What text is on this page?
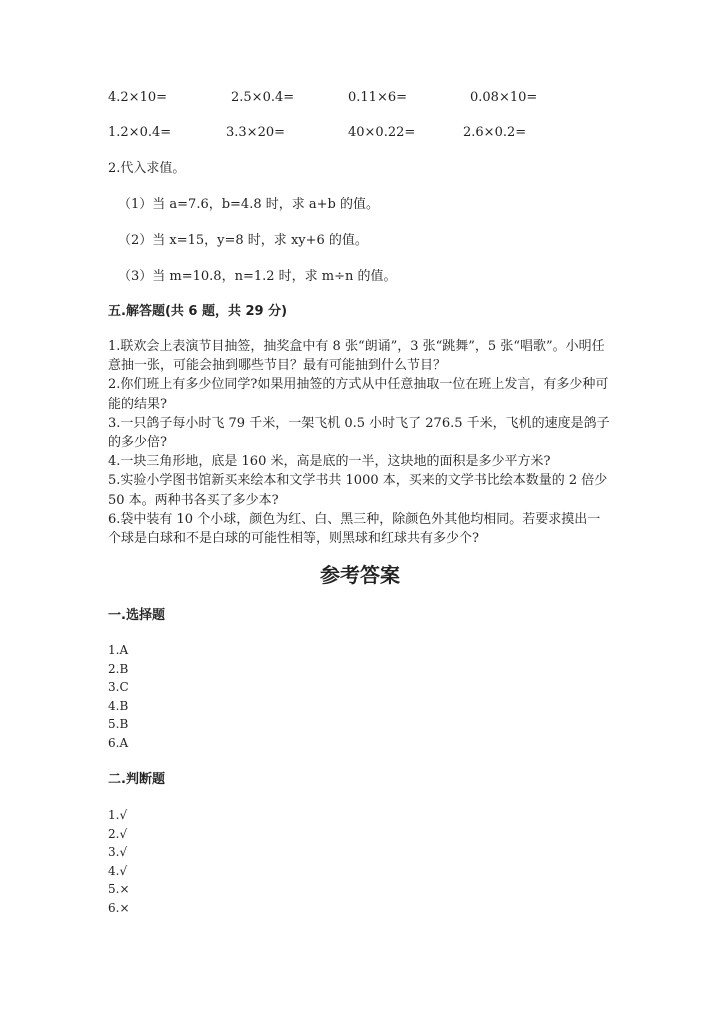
4.2×10=	2.5×0.4=	0.11×6=	0.08×10=
1.2×0.4=	3.3×20=	40×0.22=	2.6×0.2=
2.代入求值。
（1）当 a=7.6，b=4.8 时，求 a+b 的值。
（2）当 x=15，y=8 时，求 xy+6 的值。
（3）当 m=10.8，n=1.2 时，求 m÷n 的值。
五.解答题(共 6 题，共 29 分)

1.联欢会上表演节目抽签，抽奖盒中有 8 张“朗诵”，3 张“跳舞”，5 张“唱歌”。小明任意抽一张，可能会抽到哪些节目？最有可能抽到什么节目？

2.你们班上有多少位同学?如果用抽签的方式从中任意抽取一位在班上发言，有多少种可能的结果?

3.一只鸽子每小时飞 79 千米，一架飞机 0.5 小时飞了 276.5 千米，飞机的速度是鸽子的多少倍?

4.一块三角形地，底是 160 米，高是底的一半，这块地的面积是多少平方米?

5.实验小学图书馆新买来绘本和文学书共 1000 本，买来的文学书比绘本数量的 2 倍少 50 本。两种书各买了多少本?

6.袋中装有 10 个小球，颜色为红、白、黑三种，除颜色外其他均相同。若要求摸出一个球是白球和不是白球的可能性相等，则黑球和红球共有多少个?

参考答案
一.选择题
1.A
2.B
3.C
4.B
5.B
6.A
二.判断题
1.√
2.√
3.√
4.√
5.×
6.×
